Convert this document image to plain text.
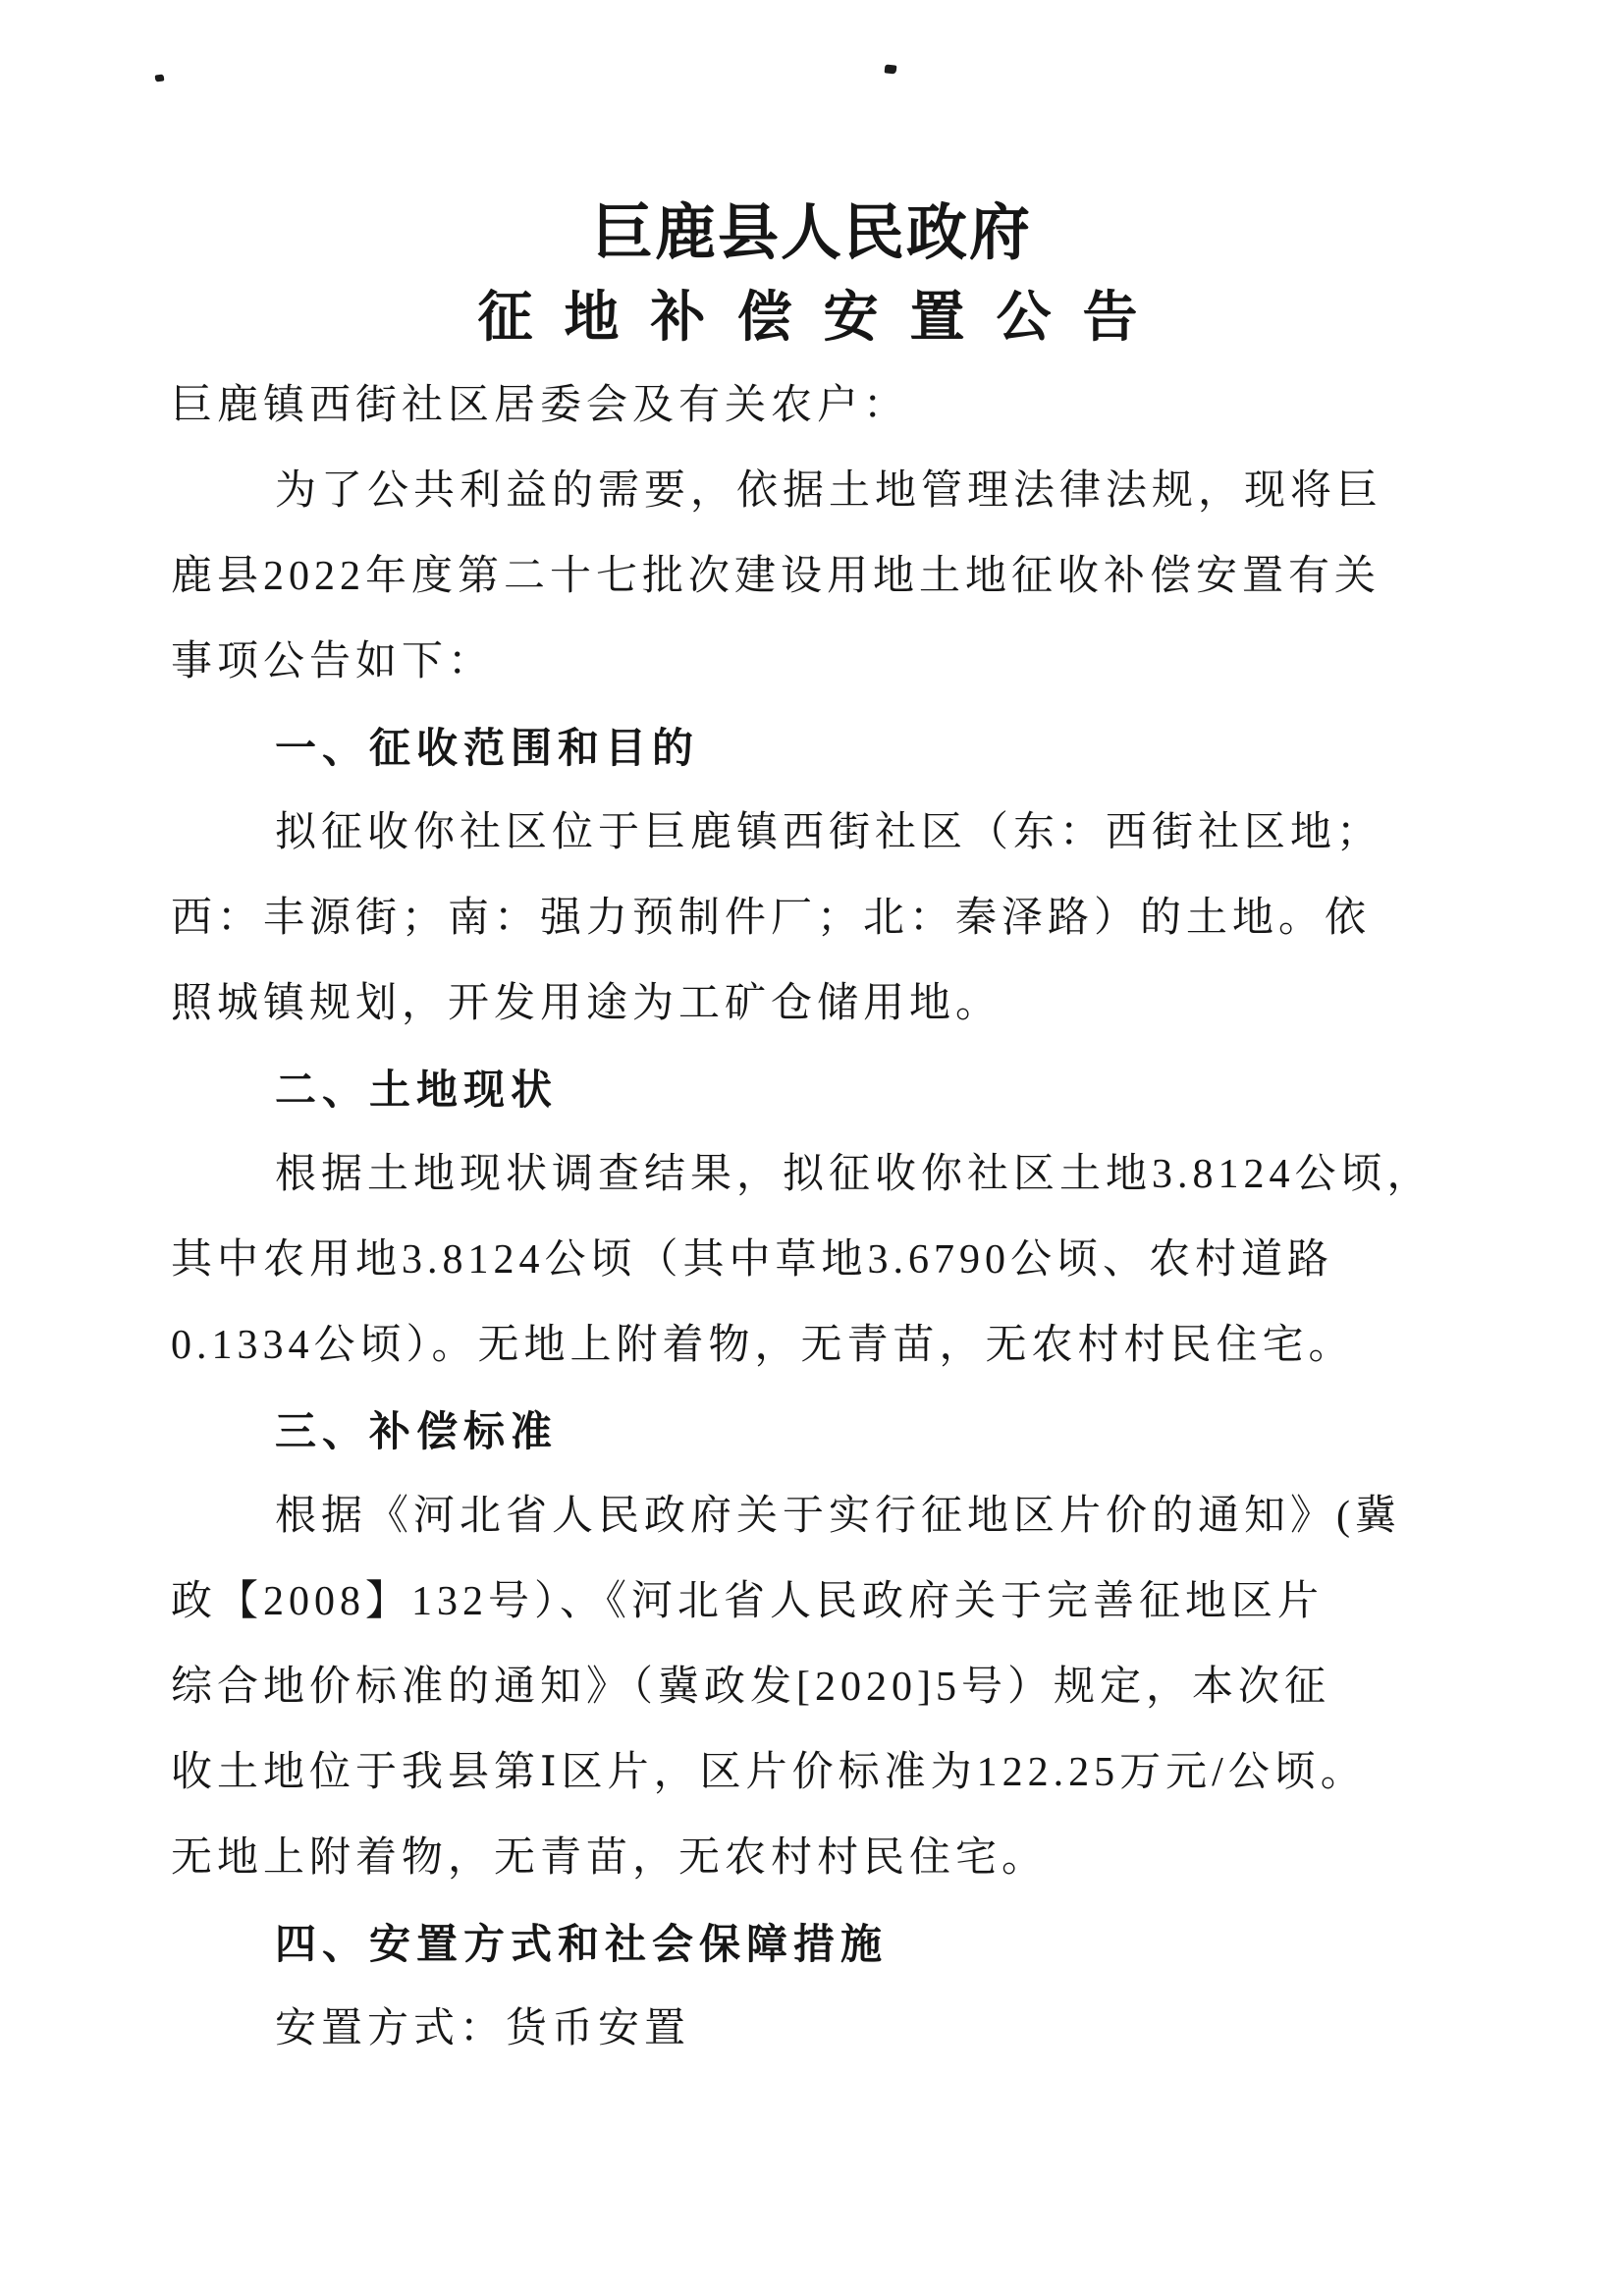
巨鹿县人民政府
征 地 补 偿 安 置 公 告
巨鹿镇西街社区居委会及有关农户：
为了公共利益的需要，依据土地管理法律法规，现将巨
鹿县2022年度第二十七批次建设用地土地征收补偿安置有关
事项公告如下：
一、征收范围和目的
拟征收你社区位于巨鹿镇西街社区（东：西街社区地；
西：丰源街；南：强力预制件厂；北：秦泽路）的土地。依
照城镇规划，开发用途为工矿仓储用地。
二、土地现状
根据土地现状调查结果，拟征收你社区土地3.8124公顷，
其中农用地3.8124公顷（其中草地3.6790公顷、农村道路
0.1334公顷）。无地上附着物，无青苗，无农村村民住宅。
三、补偿标准
根据《河北省人民政府关于实行征地区片价的通知》(冀
政【2008】132号）、《河北省人民政府关于完善征地区片
综合地价标准的通知》（冀政发[2020]5号）规定，本次征
收土地位于我县第Ⅰ区片，区片价标准为122.25万元/公顷。
无地上附着物，无青苗，无农村村民住宅。
四、安置方式和社会保障措施
安置方式：货币安置
